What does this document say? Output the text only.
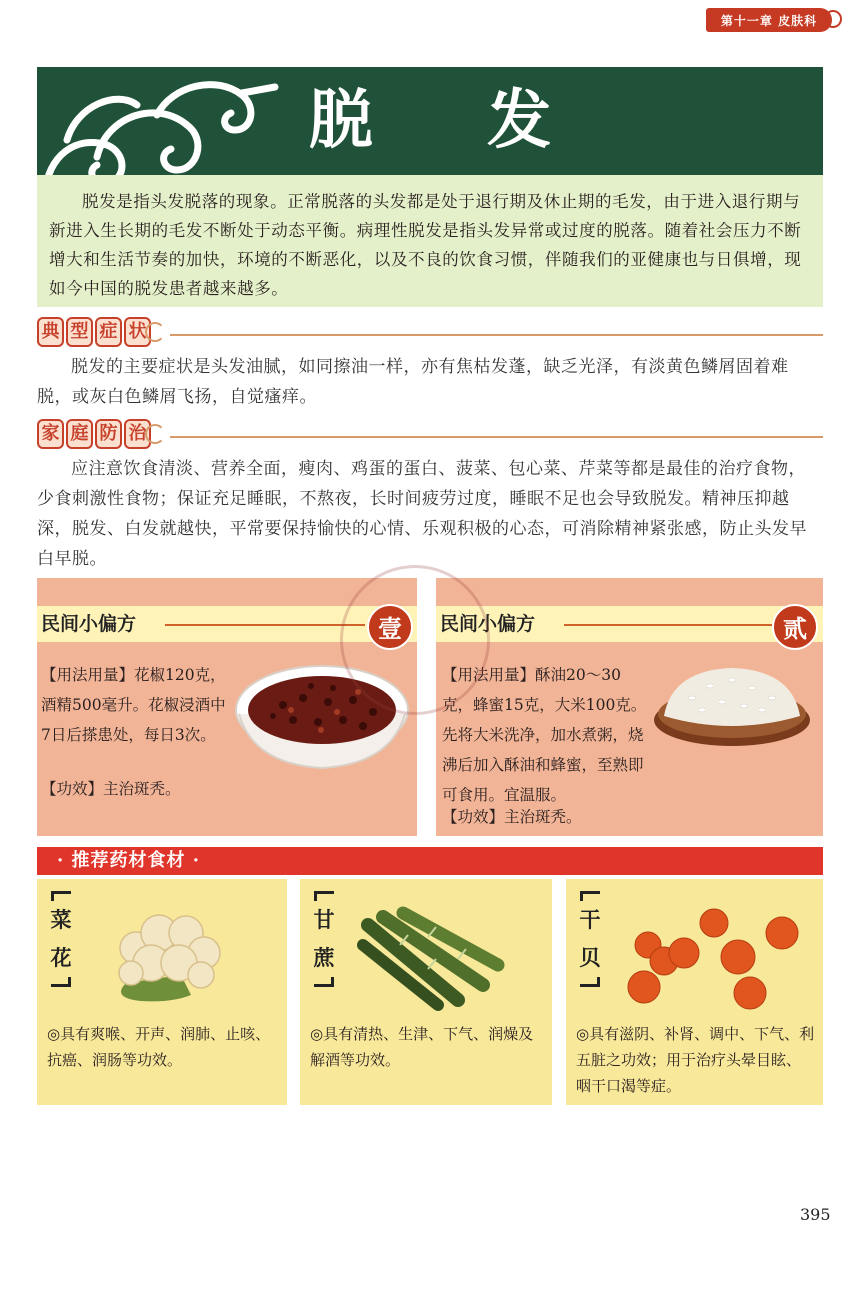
第十一章 皮肤科
脱 发
脱发是指头发脱落的现象。正常脱落的头发都是处于退行期及休止期的毛发，由于进入退行期与新进入生长期的毛发不断处于动态平衡。病理性脱发是指头发异常或过度的脱落。随着社会压力不断增大和生活节奏的加快，环境的不断恶化，以及不良的饮食习惯，伴随我们的亚健康也与日俱增，现如今中国的脱发患者越来越多。
典 型 症 状
脱发的主要症状是头发油腻，如同擦油一样，亦有焦枯发蓬，缺乏光泽，有淡黄色鳞屑固着难脱，或灰白色鳞屑飞扬，自觉瘙痒。
家 庭 防 治
应注意饮食清淡、营养全面，瘦肉、鸡蛋的蛋白、菠菜、包心菜、芹菜等都是最佳的治疗食物，少食刺激性食物；保证充足睡眠，不熬夜，长时间疲劳过度，睡眠不足也会导致脱发。精神压抑越深，脱发、白发就越快，平常要保持愉快的心情、乐观积极的心态，可消除精神紧张感，防止头发早白早脱。
民间小偏方	壹
【用法用量】花椒120克，酒精500毫升。花椒浸酒中7日后搽患处，每日3次。
【功效】主治斑秃。
民间小偏方	贰
【用法用量】酥油20～30克，蜂蜜15克，大米100克。先将大米洗净，加水煮粥，烧沸后加入酥油和蜂蜜，至熟即可食用。宜温服。
【功效】主治斑秃。
· 推荐药材食材 ·
菜
花
◎具有爽喉、开声、润肺、止咳、抗癌、润肠等功效。
甘
蔗
◎具有清热、生津、下气、润燥及解酒等功效。
干
贝
◎具有滋阴、补肾、调中、下气、利五脏之功效；用于治疗头晕目眩、咽干口渴等症。
395
